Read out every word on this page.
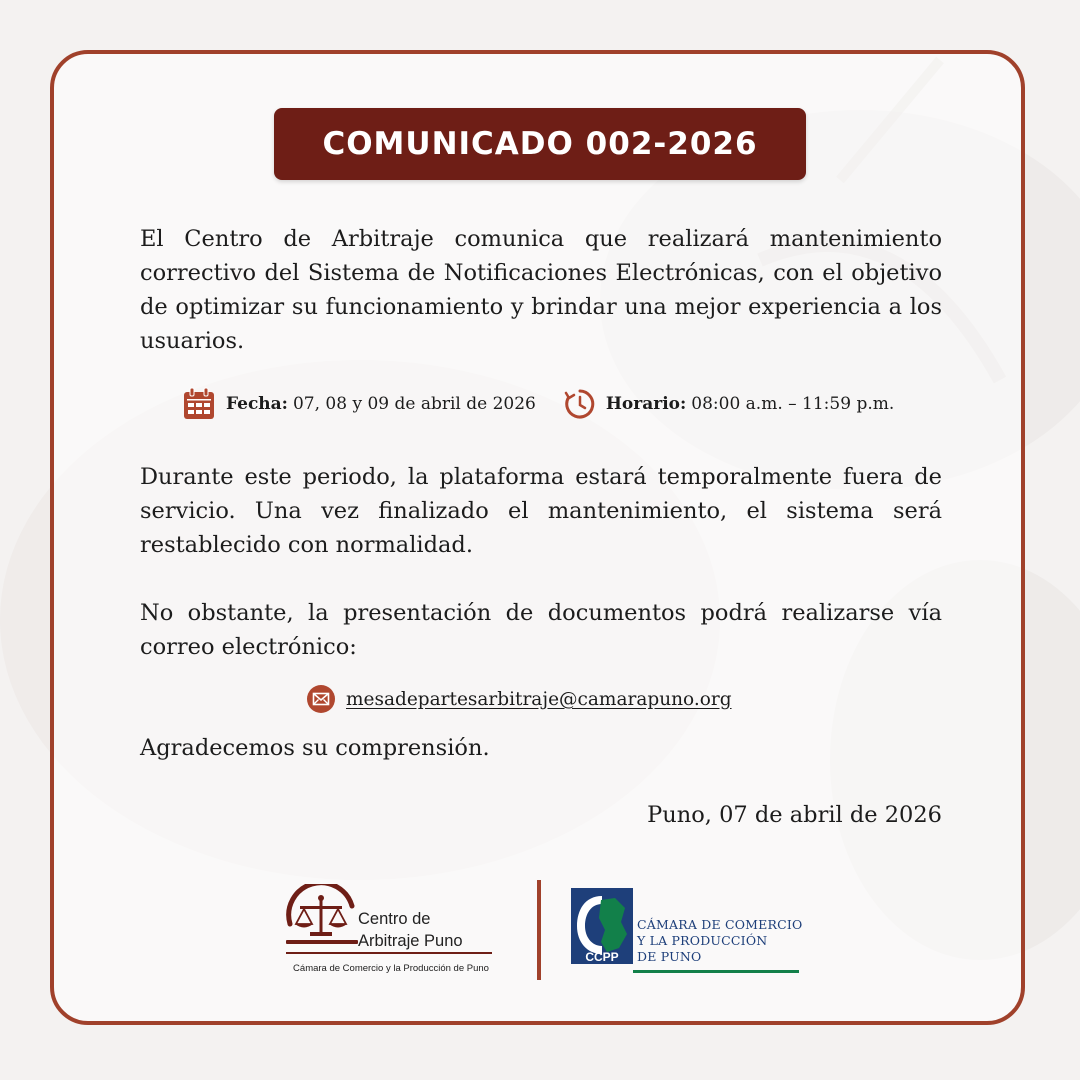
COMUNICADO 002-2026

El Centro de Arbitraje comunica que realizará mantenimiento correctivo del Sistema de Notificaciones Electrónicas, con el objetivo de optimizar su funcionamiento y brindar una mejor experiencia a los usuarios.

Fecha: 07, 08 y 09 de abril de 2026	Horario: 08:00 a.m. – 11:59 p.m.

Durante este periodo, la plataforma estará temporalmente fuera de servicio. Una vez finalizado el mantenimiento, el sistema será restablecido con normalidad.

No obstante, la presentación de documentos podrá realizarse vía correo electrónico:

mesadepartesarbitraje@camarapuno.org

Agradecemos su comprensión.

Puno, 07 de abril de 2026

Centro de
Arbitraje Puno
Cámara de Comercio y la Producción de Puno
CCPP
CÁMARA DE COMERCIO
Y LA PRODUCCIÓN
DE PUNO
